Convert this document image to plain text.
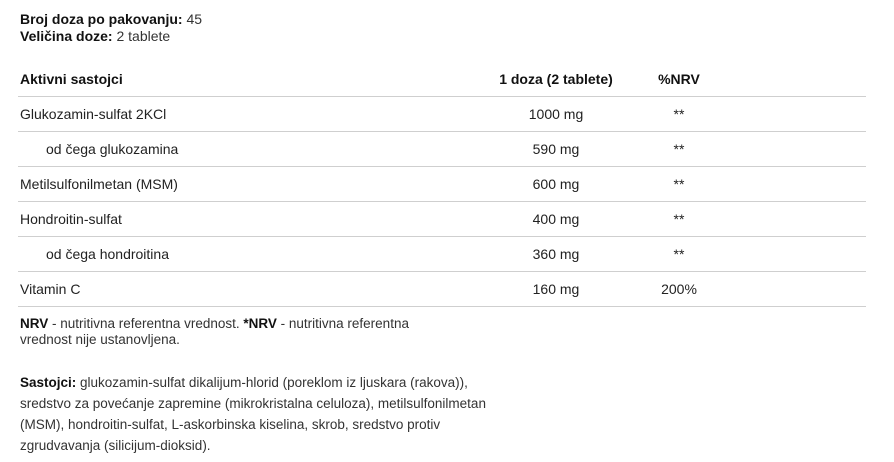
Broj doza po pakovanju: 45
Veličina doze: 2 tablete
Aktivni sastojci	1 doza (2 tablete)	%NRV	
Glukozamin-sulfat 2KCl	1000 mg	**	
od čega glukozamina	590 mg	**	
Metilsulfonilmetan (MSM)	600 mg	**	
Hondroitin-sulfat	400 mg	**	
od čega hondroitina	360 mg	**	
Vitamin C	160 mg	200%	
NRV - nutritivna referentna vrednost. *NRV - nutritivna referentna vrednost nije ustanovljena.
Sastojci: glukozamin-sulfat dikalijum-hlorid (poreklom iz ljuskara (rakova)), sredstvo za povećanje zapremine (mikrokristalna celuloza), metilsulfonilmetan (MSM), hondroitin-sulfat, L-askorbinska kiselina, skrob, sredstvo protiv zgrudvavanja (silicijum-dioksid).
